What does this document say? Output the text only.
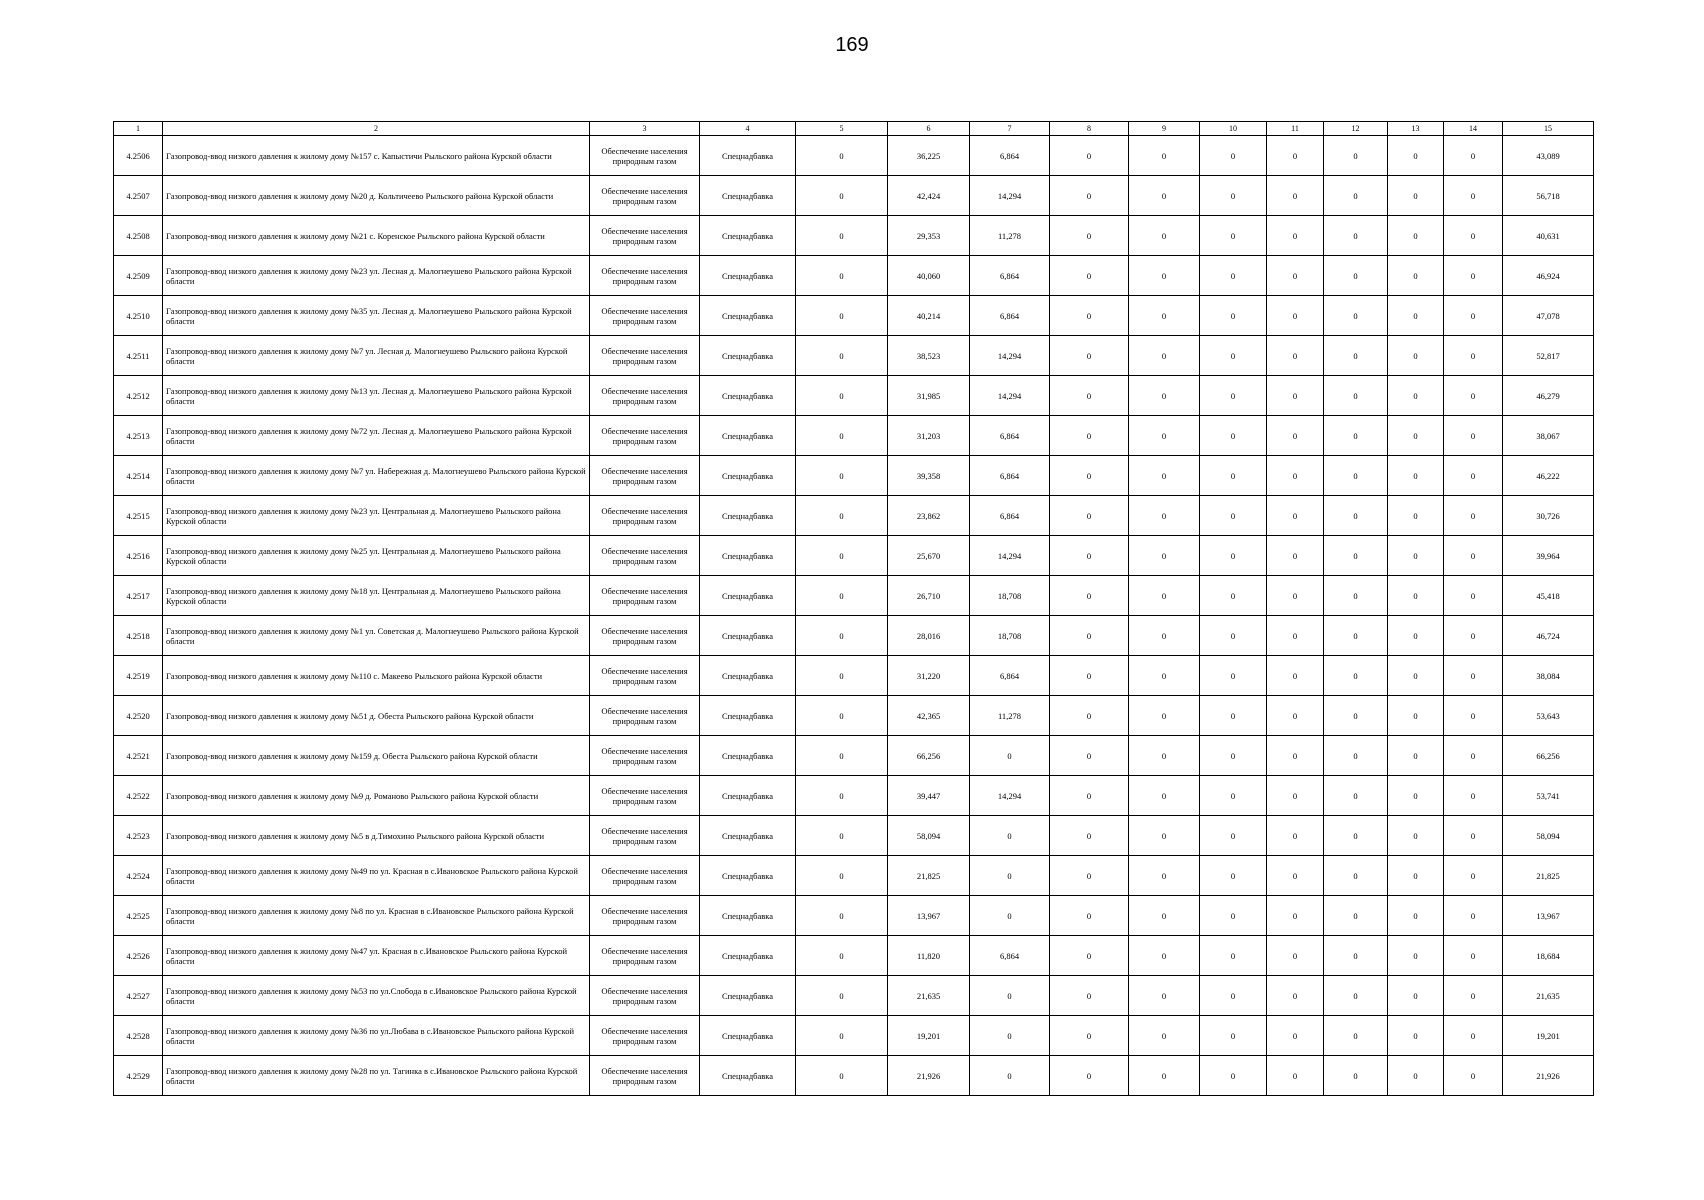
169
1	2	3	4	5	6	7	8	9	10	11	12	13	14	15
4.2506	Газопровод-ввод низкого давления к жилому дому №157 с. Капыстичи Рыльского района Курской области	Обеспечение населения природным газом	Спецнадбавка	0	36,225	6,864	0	0	0	0	0	0	0	43,089
4.2507	Газопровод-ввод низкого давления к жилому дому №20 д. Кольтичеево Рыльского района Курской области	Обеспечение населения природным газом	Спецнадбавка	0	42,424	14,294	0	0	0	0	0	0	0	56,718
4.2508	Газопровод-ввод низкого давления к жилому дому №21 с. Коренское Рыльского района Курской области	Обеспечение населения природным газом	Спецнадбавка	0	29,353	11,278	0	0	0	0	0	0	0	40,631
4.2509	Газопровод-ввод низкого давления к жилому дому №23 ул. Лесная д. Малогнеушево Рыльского района Курской области	Обеспечение населения природным газом	Спецнадбавка	0	40,060	6,864	0	0	0	0	0	0	0	46,924
4.2510	Газопровод-ввод низкого давления к жилому дому №35 ул. Лесная д. Малогнеушево Рыльского района Курской области	Обеспечение населения природным газом	Спецнадбавка	0	40,214	6,864	0	0	0	0	0	0	0	47,078
4.2511	Газопровод-ввод низкого давления к жилому дому №7 ул. Лесная д. Малогнеушево Рыльского района Курской области	Обеспечение населения природным газом	Спецнадбавка	0	38,523	14,294	0	0	0	0	0	0	0	52,817
4.2512	Газопровод-ввод низкого давления к жилому дому №13 ул. Лесная д. Малогнеушево Рыльского района Курской области	Обеспечение населения природным газом	Спецнадбавка	0	31,985	14,294	0	0	0	0	0	0	0	46,279
4.2513	Газопровод-ввод низкого давления к жилому дому №72 ул. Лесная д. Малогнеушево Рыльского района Курской области	Обеспечение населения природным газом	Спецнадбавка	0	31,203	6,864	0	0	0	0	0	0	0	38,067
4.2514	Газопровод-ввод низкого давления к жилому дому №7 ул. Набережная д. Малогнеушево Рыльского района Курской области	Обеспечение населения природным газом	Спецнадбавка	0	39,358	6,864	0	0	0	0	0	0	0	46,222
4.2515	Газопровод-ввод низкого давления к жилому дому №23 ул. Центральная д. Малогнеушево Рыльского района Курской области	Обеспечение населения природным газом	Спецнадбавка	0	23,862	6,864	0	0	0	0	0	0	0	30,726
4.2516	Газопровод-ввод низкого давления к жилому дому №25 ул. Центральная д. Малогнеушево Рыльского района Курской области	Обеспечение населения природным газом	Спецнадбавка	0	25,670	14,294	0	0	0	0	0	0	0	39,964
4.2517	Газопровод-ввод низкого давления к жилому дому №18 ул. Центральная д. Малогнеушево Рыльского района Курской области	Обеспечение населения природным газом	Спецнадбавка	0	26,710	18,708	0	0	0	0	0	0	0	45,418
4.2518	Газопровод-ввод низкого давления к жилому дому №1 ул. Советская д. Малогнеушево Рыльского района Курской области	Обеспечение населения природным газом	Спецнадбавка	0	28,016	18,708	0	0	0	0	0	0	0	46,724
4.2519	Газопровод-ввод низкого давления к жилому дому №110 с. Макеево Рыльского района Курской области	Обеспечение населения природным газом	Спецнадбавка	0	31,220	6,864	0	0	0	0	0	0	0	38,084
4.2520	Газопровод-ввод низкого давления к жилому дому №51 д. Обеста Рыльского района Курской области	Обеспечение населения природным газом	Спецнадбавка	0	42,365	11,278	0	0	0	0	0	0	0	53,643
4.2521	Газопровод-ввод низкого давления к жилому дому №159 д. Обеста Рыльского района Курской области	Обеспечение населения природным газом	Спецнадбавка	0	66,256	0	0	0	0	0	0	0	0	66,256
4.2522	Газопровод-ввод низкого давления к жилому дому №9 д. Романово Рыльского района Курской области	Обеспечение населения природным газом	Спецнадбавка	0	39,447	14,294	0	0	0	0	0	0	0	53,741
4.2523	Газопровод-ввод низкого давления к жилому дому №5 в д.Тимохино Рыльского района Курской области	Обеспечение населения природным газом	Спецнадбавка	0	58,094	0	0	0	0	0	0	0	0	58,094
4.2524	Газопровод-ввод низкого давления к жилому дому №49 по ул. Красная в с.Ивановское Рыльского района Курской области	Обеспечение населения природным газом	Спецнадбавка	0	21,825	0	0	0	0	0	0	0	0	21,825
4.2525	Газопровод-ввод низкого давления к жилому дому №8 по ул. Красная в с.Ивановское Рыльского района Курской области	Обеспечение населения природным газом	Спецнадбавка	0	13,967	0	0	0	0	0	0	0	0	13,967
4.2526	Газопровод-ввод низкого давления к жилому дому №47 ул. Красная в с.Ивановское Рыльского района Курской области	Обеспечение населения природным газом	Спецнадбавка	0	11,820	6,864	0	0	0	0	0	0	0	18,684
4.2527	Газопровод-ввод низкого давления к жилому дому №53 по ул.Слобода в с.Ивановское Рыльского района Курской области	Обеспечение населения природным газом	Спецнадбавка	0	21,635	0	0	0	0	0	0	0	0	21,635
4.2528	Газопровод-ввод низкого давления к жилому дому №36 по ул.Любава в с.Ивановское Рыльского района Курской области	Обеспечение населения природным газом	Спецнадбавка	0	19,201	0	0	0	0	0	0	0	0	19,201
4.2529	Газопровод-ввод низкого давления к жилому дому №28 по ул. Тагинка в с.Ивановское Рыльского района Курской области	Обеспечение населения природным газом	Спецнадбавка	0	21,926	0	0	0	0	0	0	0	0	21,926
